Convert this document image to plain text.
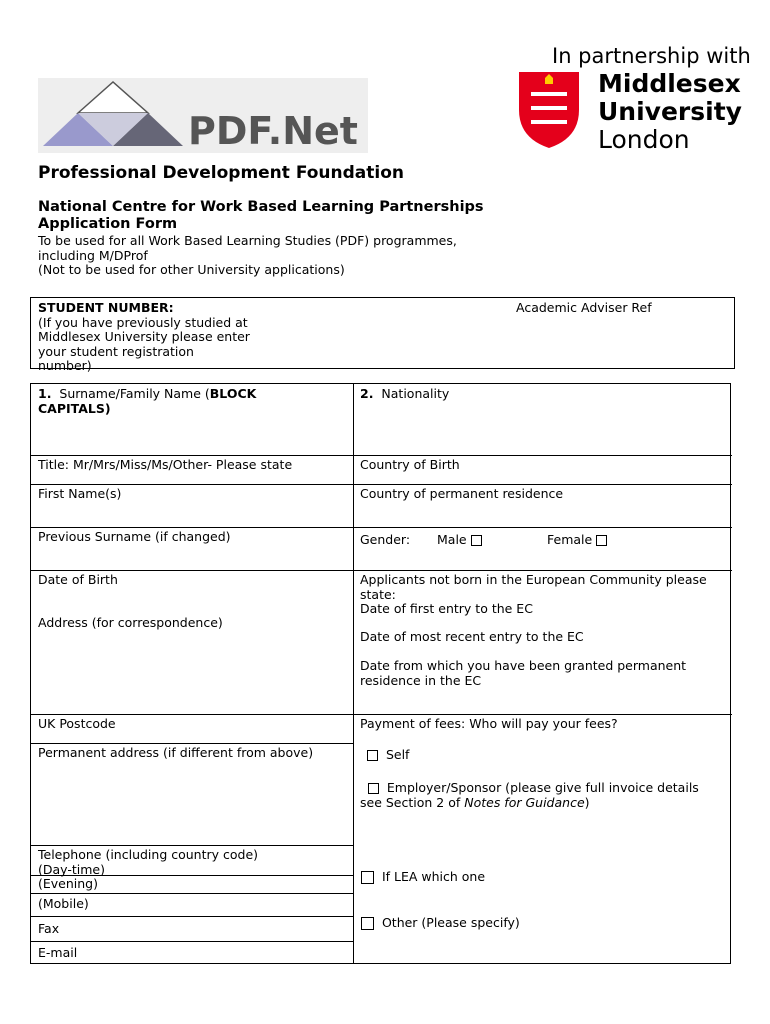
PDF.Net
In partnership with
Middlesex
University
London
Professional Development Foundation
National Centre for Work Based Learning Partnerships
Application Form
To be used for all Work Based Learning Studies (PDF) programmes,
including M/DProf
(Not to be used for other University applications)
STUDENT NUMBER:
(If you have previously studied at
Middlesex University please enter
your student registration
number)
Academic Adviser Ref
1. Surname/Family Name (BLOCK
CAPITALS)
Title: Mr/Mrs/Miss/Ms/Other- Please state
First Name(s)
Previous Surname (if changed)
Date of Birth
Address (for correspondence)
UK Postcode
Permanent address (if different from above)
Telephone (including country code)
(Day-time)
(Evening)
(Mobile)
Fax
E-mail
2. Nationality
Country of Birth
Country of permanent residence
Gender: Male	Female
Applicants not born in the European Community please
state:
Date of first entry to the EC
Date of most recent entry to the EC
Date from which you have been granted permanent
residence in the EC
Payment of fees: Who will pay your fees?
Self
Employer/Sponsor (please give full invoice details
see Section 2 of Notes for Guidance)
If LEA which one
Other (Please specify)
